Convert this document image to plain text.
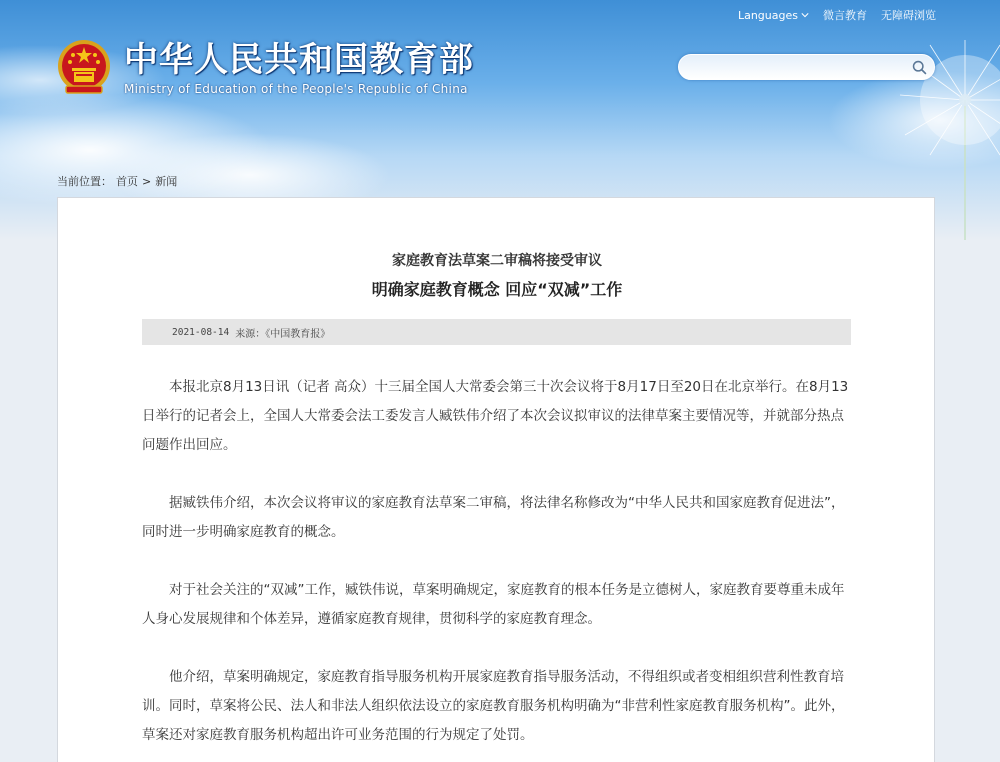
Languages 微言教育 无障碍浏览
中华人民共和国教育部
Ministry of Education of the People's Republic of China
当前位置： 首页 > 新闻
家庭教育法草案二审稿将接受审议
明确家庭教育概念 回应“双减”工作
2021-08-14 来源：《中国教育报》

本报北京8月13日讯（记者 高众）十三届全国人大常委会第三十次会议将于8月17日至20日在北京举行。在8月13日举行的记者会上，全国人大常委会法工委发言人臧铁伟介绍了本次会议拟审议的法律草案主要情况等，并就部分热点问题作出回应。

据臧铁伟介绍，本次会议将审议的家庭教育法草案二审稿，将法律名称修改为“中华人民共和国家庭教育促进法”，同时进一步明确家庭教育的概念。

对于社会关注的“双减”工作，臧铁伟说，草案明确规定，家庭教育的根本任务是立德树人，家庭教育要尊重未成年人身心发展规律和个体差异，遵循家庭教育规律，贯彻科学的家庭教育理念。

他介绍，草案明确规定，家庭教育指导服务机构开展家庭教育指导服务活动，不得组织或者变相组织营利性教育培训。同时，草案将公民、法人和非法人组织依法设立的家庭教育服务机构明确为“非营利性家庭教育服务机构”。此外，草案还对家庭教育服务机构超出许可业务范围的行为规定了处罚。
